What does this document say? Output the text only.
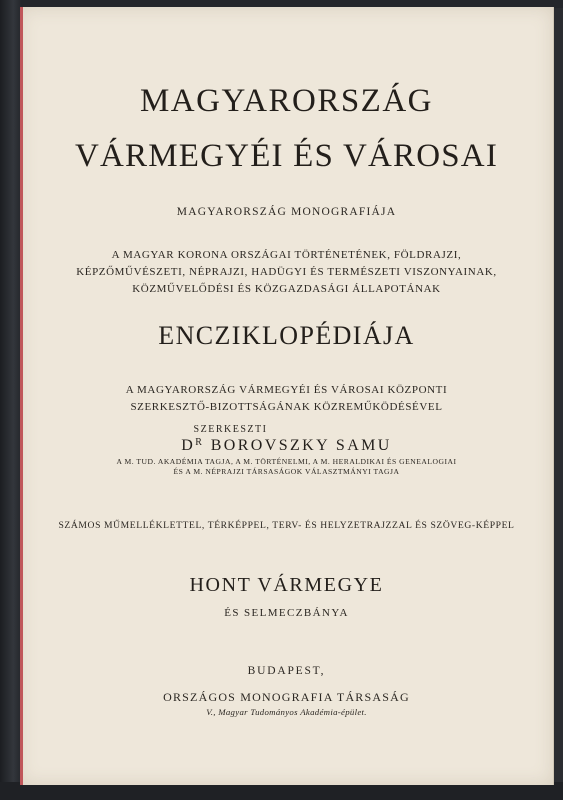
MAGYARORSZÁG
VÁRMEGYÉI ÉS VÁROSAI
MAGYARORSZÁG MONOGRAFIÁJA
A MAGYAR KORONA ORSZÁGAI TÖRTÉNETÉNEK, FÖLDRAJZI, KÉPZŐMŰVÉSZETI, NÉPRAJZI, HADÜGYI ÉS TERMÉSZETI VISZONYAINAK, KÖZMŰVELŐDÉSI ÉS KÖZGAZDASÁGI ÁLLAPOTÁNAK
ENCZIKLOPÉDIÁJA
A MAGYARORSZÁG VÁRMEGYÉI ÉS VÁROSAI KÖZPONTI SZERKESZTŐ-BIZOTTSÁGÁNAK KÖZREMŰKÖDÉSÉVEL
SZERKESZTI
$D^R$ BOROVSZKY SAMU
A M. TUD. AKADÉMIA TAGJA, A M. TÖRTÉNELMI, A M. HERALDIKAI ÉS GENEALOGIAI ÉS A M. NÉPRAJZI TÁRSASÁGOK VÁLASZTMÁNYI TAGJA
SZÁMOS MŰMELLÉKLETTEL, TÉRKÉPPEL, TERV- ÉS HELYZETRAJZZAL ÉS SZÖVEG-KÉPPEL
HONT VÁRMEGYE
ÉS SELMECZBÁNYA
BUDAPEST,
ORSZÁGOS MONOGRAFIA TÁRSASÁG
V., Magyar Tudományos Akadémia-épület.
